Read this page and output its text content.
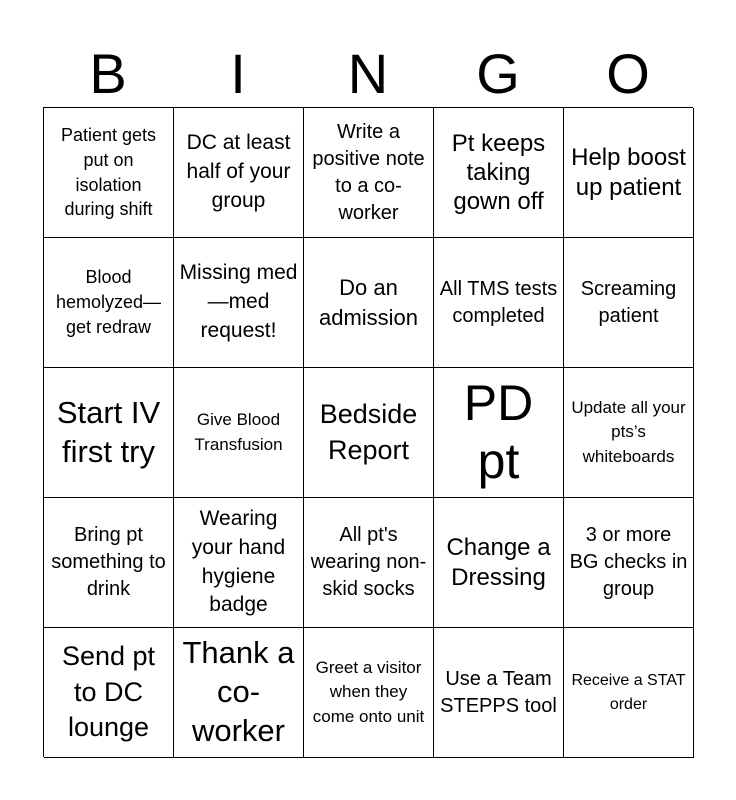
B	I	N	G	O
Patient gets put on isolation during shift
DC at least half of your group
Write a positive note to a co-worker
Pt keeps taking gown off
Help boost up patient
Blood hemolyzed—get redraw
Missing med—med request!
Do an admission
All TMS tests completed
Screaming patient
Start IV first try
Give Blood Transfusion
Bedside Report
PD pt
Update all your pts’s whiteboards
Bring pt something to drink
Wearing your hand hygiene badge
All pt's wearing non-skid socks
Change a Dressing
3 or more BG checks in group
Send pt to DC lounge
Thank a co-worker
Greet a visitor when they come onto unit
Use a Team STEPPS tool
Receive a STAT order
